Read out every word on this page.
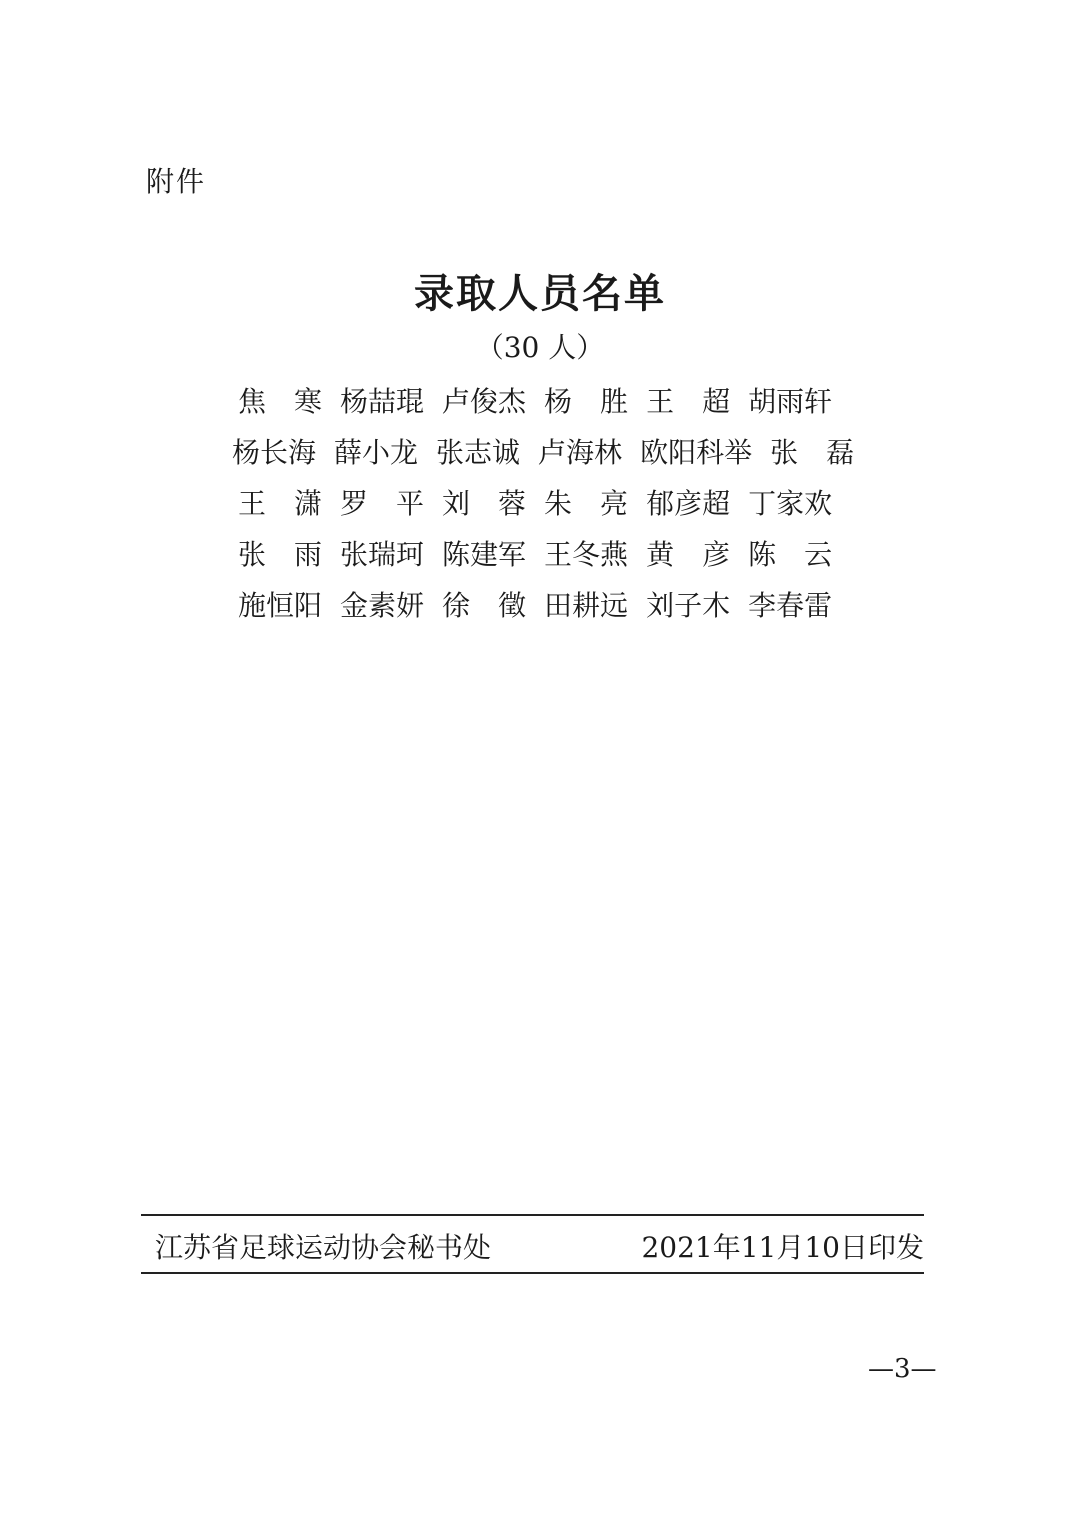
附件
录取人员名单
（30 人）
焦　寒 杨喆琨 卢俊杰 杨　胜 王　超 胡雨轩
杨长海 薛小龙 张志诚 卢海林 欧阳科举 张　磊
王　潇 罗　平 刘　蓉 朱　亮 郁彦超 丁家欢
张　雨 张瑞珂 陈建军 王冬燕 黄　彦 陈　云
施恒阳 金素妍 徐　徵 田耕远 刘子木 李春雷
江苏省足球运动协会秘书处	2021年11月10日印发
—3—
